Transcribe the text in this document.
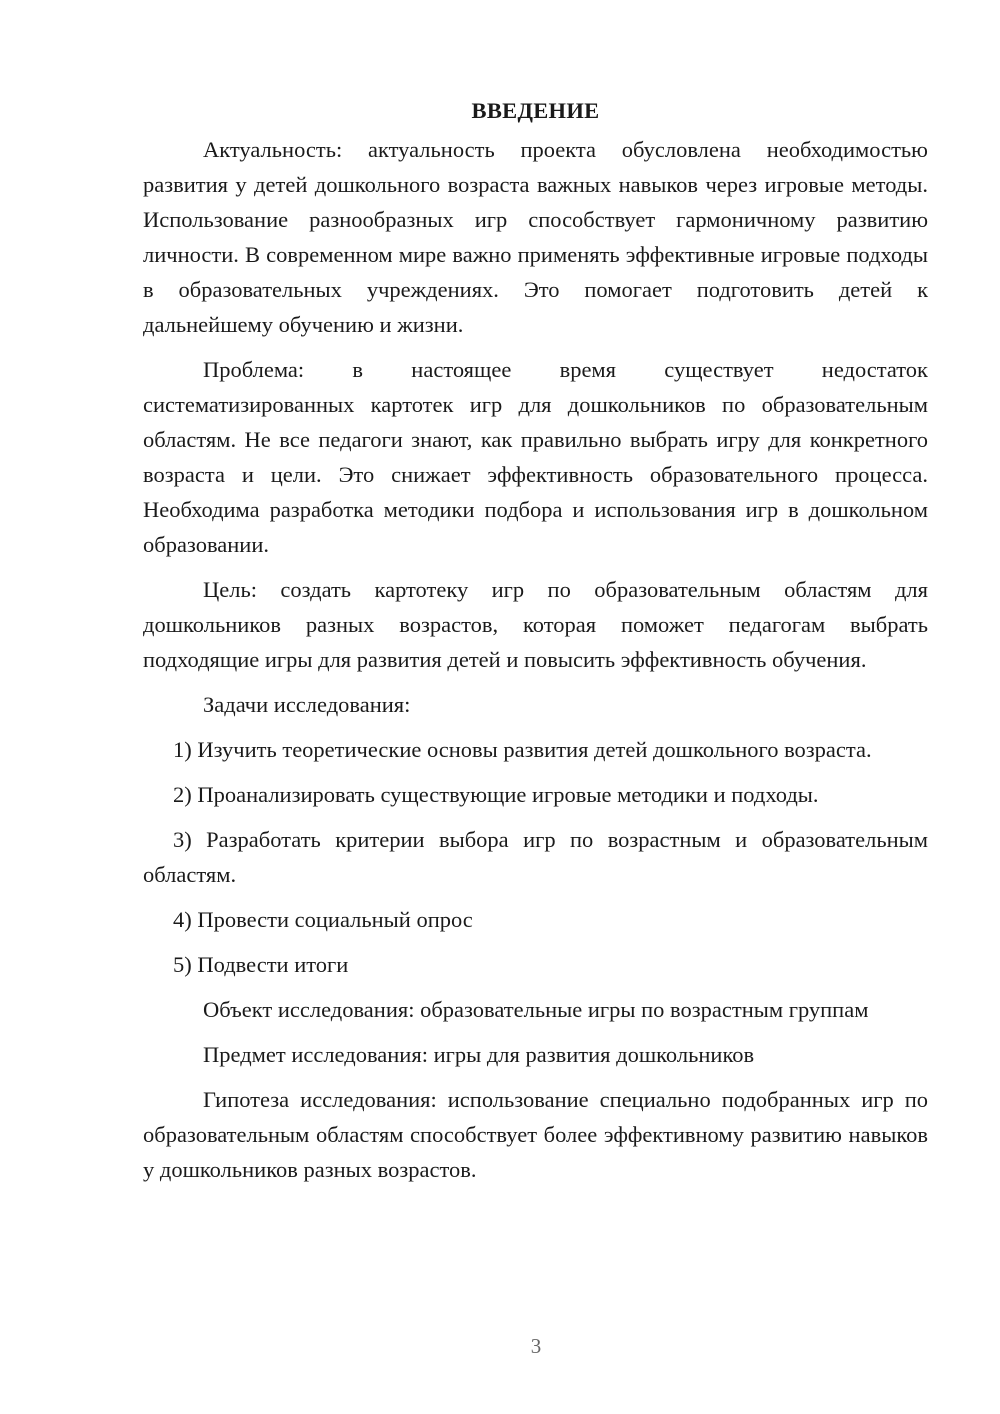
ВВЕДЕНИЕ

Актуальность: актуальность проекта обусловлена необходимостью развития у детей дошкольного возраста важных навыков через игровые методы. Использование разнообразных игр способствует гармоничному развитию личности. В современном мире важно применять эффективные игровые подходы в образовательных учреждениях. Это помогает подготовить детей к дальнейшему обучению и жизни.

Проблема: в настоящее время существует недостаток систематизированных картотек игр для дошкольников по образовательным областям. Не все педагоги знают, как правильно выбрать игру для конкретного возраста и цели. Это снижает эффективность образовательного процесса. Необходима разработка методики подбора и использования игр в дошкольном образовании.

Цель: создать картотеку игр по образовательным областям для дошкольников разных возрастов, которая поможет педагогам выбрать подходящие игры для развития детей и повысить эффективность обучения.

Задачи исследования:

1) Изучить теоретические основы развития детей дошкольного возраста.

2) Проанализировать существующие игровые методики и подходы.

3) Разработать критерии выбора игр по возрастным и образовательным областям.

4) Провести социальный опрос

5) Подвести итоги

Объект исследования: образовательные игры по возрастным группам

Предмет исследования: игры для развития дошкольников

Гипотеза исследования: использование специально подобранных игр по образовательным областям способствует более эффективному развитию навыков у дошкольников разных возрастов.

3
